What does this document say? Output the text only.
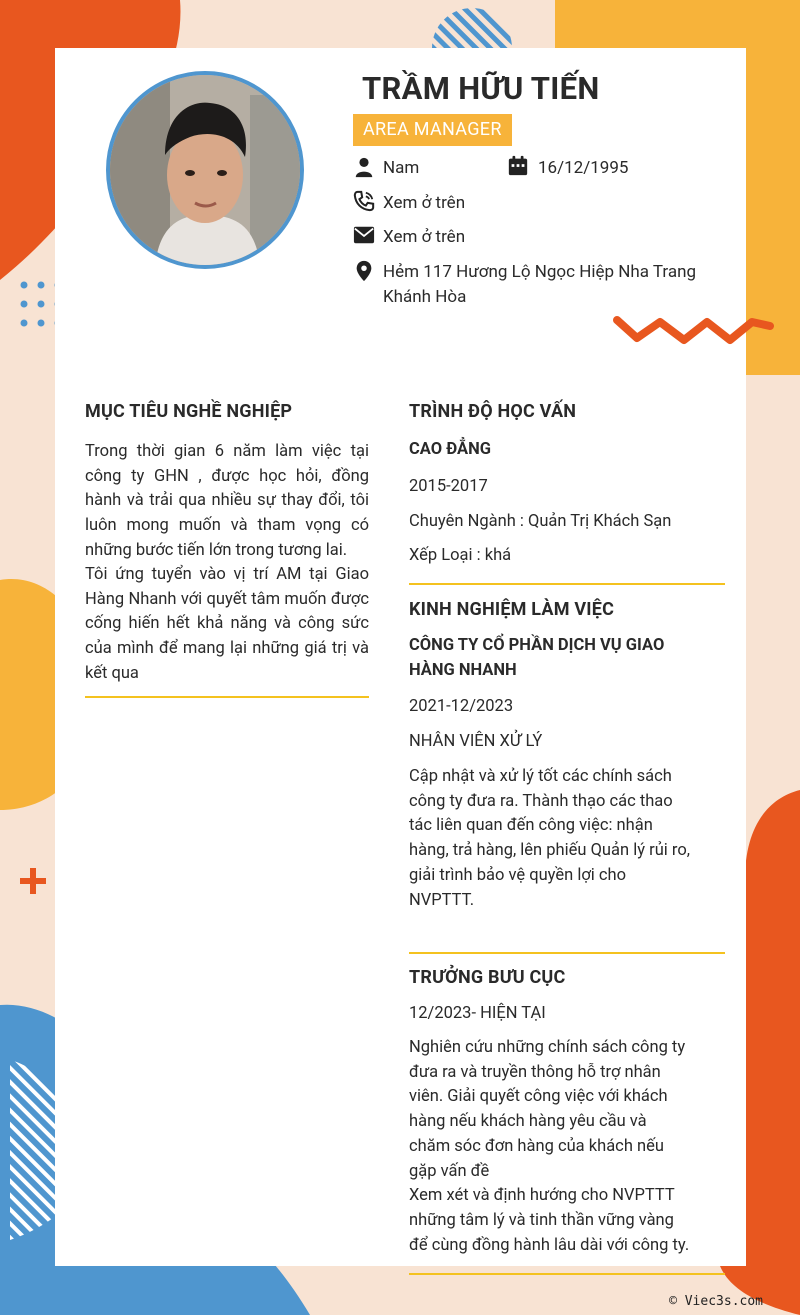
TRẦM HỮU TIẾN
AREA MANAGER
Nam	16/12/1995
Xem ở trên
Xem ở trên
Hẻm 117 Hương Lộ Ngọc Hiệp Nha Trang
Khánh Hòa
MỤC TIÊU NGHỀ NGHIỆP
Trong thời gian 6 năm làm việc tại công ty GHN , được học hỏi, đồng hành và trải qua nhiều sự thay đổi, tôi luôn mong muốn và tham vọng có những bước tiến lớn trong tương lai.
Tôi ứng tuyển vào vị trí AM tại Giao Hàng Nhanh với quyết tâm muốn được cống hiến hết khả năng và công sức của mình để mang lại những giá trị và kết qua
TRÌNH ĐỘ HỌC VẤN
CAO ĐẲNG
2015-2017
Chuyên Ngành : Quản Trị Khách Sạn
Xếp Loại : khá
KINH NGHIỆM LÀM VIỆC
CÔNG TY CỔ PHẦN DỊCH VỤ GIAO
HÀNG NHANH
2021-12/2023
NHÂN VIÊN XỬ LÝ
Cập nhật và xử lý tốt các chính sách
công ty đưa ra. Thành thạo các thao
tác liên quan đến công việc: nhận
hàng, trả hàng, lên phiếu Quản lý rủi ro,
giải trình bảo vệ quyền lợi cho
NVPTTT.
TRƯỞNG BƯU CỤC
12/2023- HIỆN TẠI
Nghiên cứu những chính sách công ty
đưa ra và truyền thông hỗ trợ nhân
viên. Giải quyết công việc với khách
hàng nếu khách hàng yêu cầu và
chăm sóc đơn hàng của khách nếu
gặp vấn đề
Xem xét và định hướng cho NVPTTT
những tâm lý và tinh thần vững vàng
để cùng đồng hành lâu dài với công ty.
© Viec3s.com
